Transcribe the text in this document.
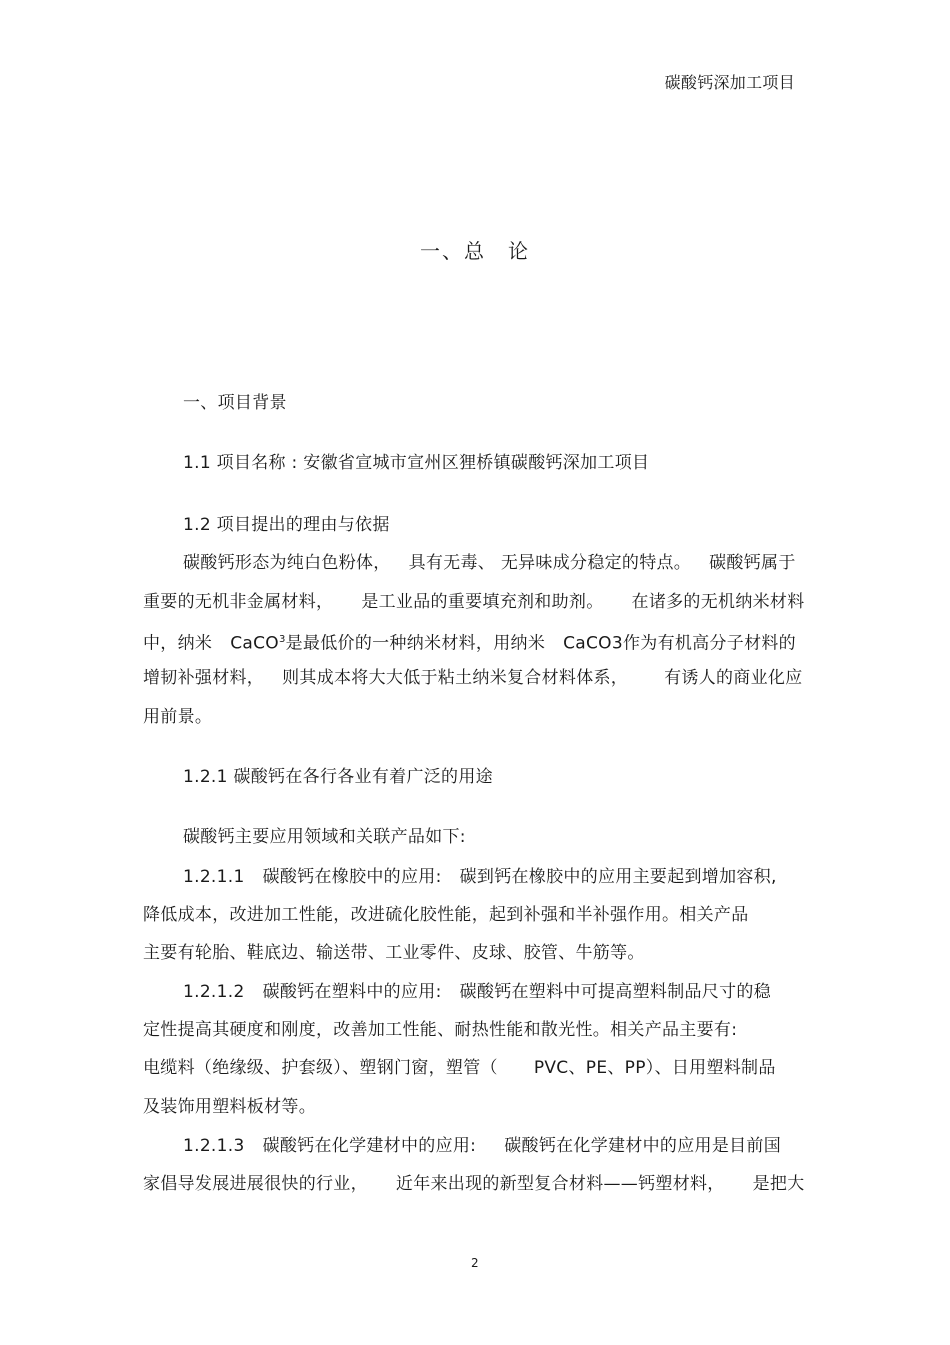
碳酸钙深加工项目
一、总　论
一、项目背景
1.1 项目名称 : 安徽省宣城市宣州区狸桥镇碳酸钙深加工项目
1.2 项目提出的理由与依据
碳酸钙形态为纯白色粉体， 具有无毒、 无异味成分稳定的特点。 碳酸钙属于
重要的无机非金属材料， 是工业品的重要填充剂和助剂。 在诸多的无机纳米材料
中，纳米 CaCO$^3$是最低价的一种纳米材料，用纳米 CaCO3作为有机高分子材料的
增韧补强材料， 则其成本将大大低于粘土纳米复合材料体系， 有诱人的商业化应
用前景。
1.2.1 碳酸钙在各行各业有着广泛的用途
碳酸钙主要应用领域和关联产品如下:
1.2.1.1 碳酸钙在橡胶中的应用: 碳到钙在橡胶中的应用主要起到增加容积,
降低成本，改进加工性能，改进硫化胶性能，起到补强和半补强作用。相关产品
主要有轮胎、鞋底边、输送带、工业零件、皮球、胶管、牛筋等。
1.2.1.2 碳酸钙在塑料中的应用: 碳酸钙在塑料中可提高塑料制品尺寸的稳
定性提高其硬度和刚度，改善加工性能、耐热性能和散光性。相关产品主要有:
电缆料（绝缘级、护套级）、塑钢门窗，塑管（ PVC、PE、PP）、日用塑料制品
及装饰用塑料板材等。
1.2.1.3 碳酸钙在化学建材中的应用: 碳酸钙在化学建材中的应用是目前国
家倡导发展进展很快的行业， 近年来出现的新型复合材料——钙塑材料， 是把大
2
